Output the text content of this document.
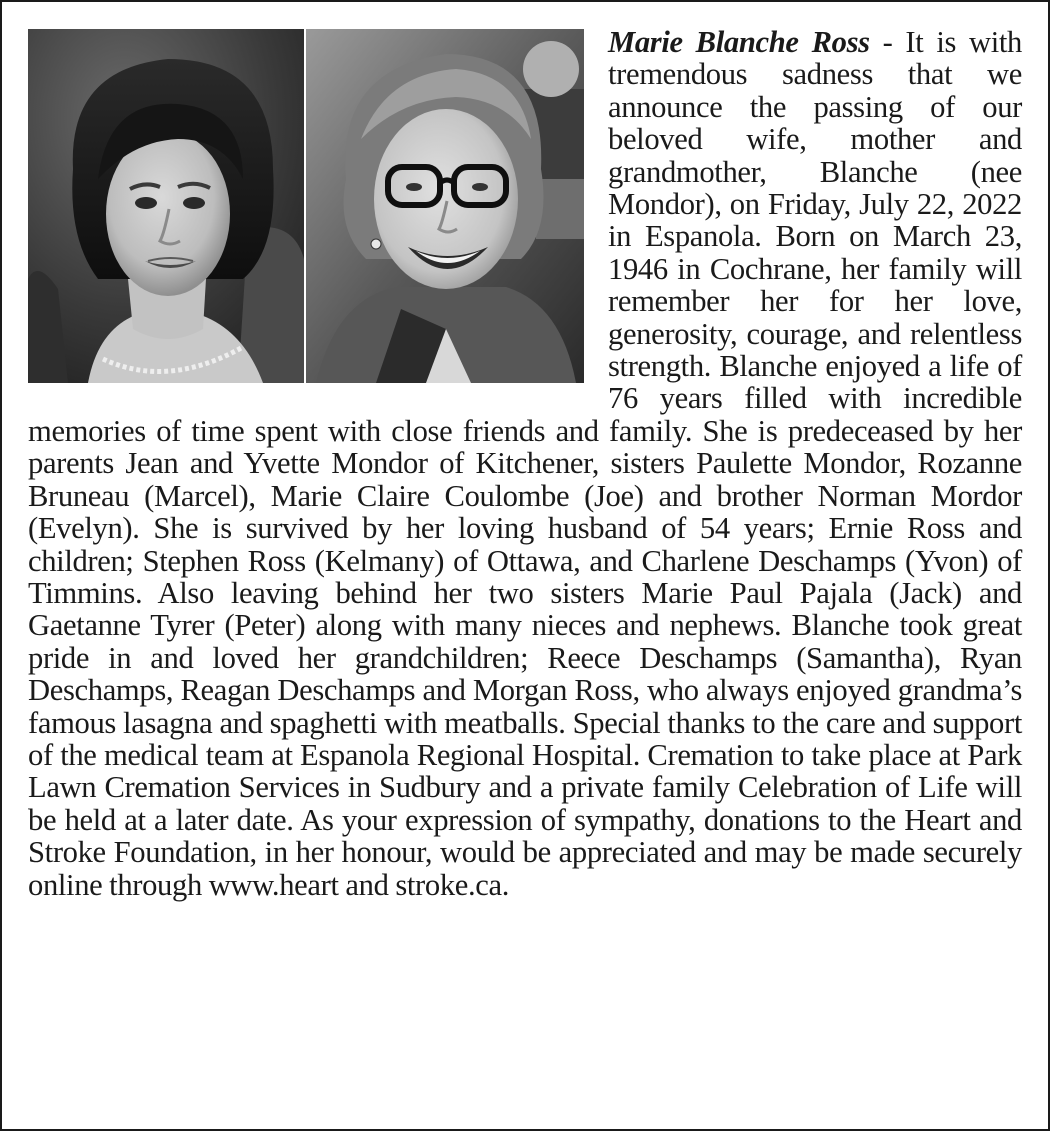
Marie Blanche Ross - It is with tremendous sadness that we announce the passing of our beloved wife, mother and grandmother, Blanche (nee Mondor), on Friday, July 22, 2022 in Espanola. Born on March 23, 1946 in Cochrane, her family will remember her for her love, generosity, courage, and relentless strength. Blanche enjoyed a life of 76 years filled with incredible memories of time spent with close friends and family. She is predeceased by her parents Jean and Yvette Mondor of Kitchener, sisters Paulette Mondor, Rozanne Bruneau (Marcel), Marie Claire Coulombe (Joe) and brother Norman Mordor (Evelyn). She is survived by her loving husband of 54 years; Ernie Ross and children; Stephen Ross (Kelmany) of Ottawa, and Charlene Deschamps (Yvon) of Timmins. Also leaving behind her two sisters Marie Paul Pajala (Jack) and Gaetanne Tyrer (Peter) along with many nieces and nephews. Blanche took great pride in and loved her grandchildren; Reece Deschamps (Samantha), Ryan Deschamps, Reagan Deschamps and Morgan Ross, who always enjoyed grandma’s famous lasagna and spaghetti with meatballs. Special thanks to the care and support of the medical team at Espanola Regional Hospital. Cremation to take place at Park Lawn Cremation Services in Sudbury and a private family Celebration of Life will be held at a later date. As your expression of sympathy, donations to the Heart and Stroke Foundation, in her honour, would be appreciated and may be made securely online through www.heart and stroke.ca.
